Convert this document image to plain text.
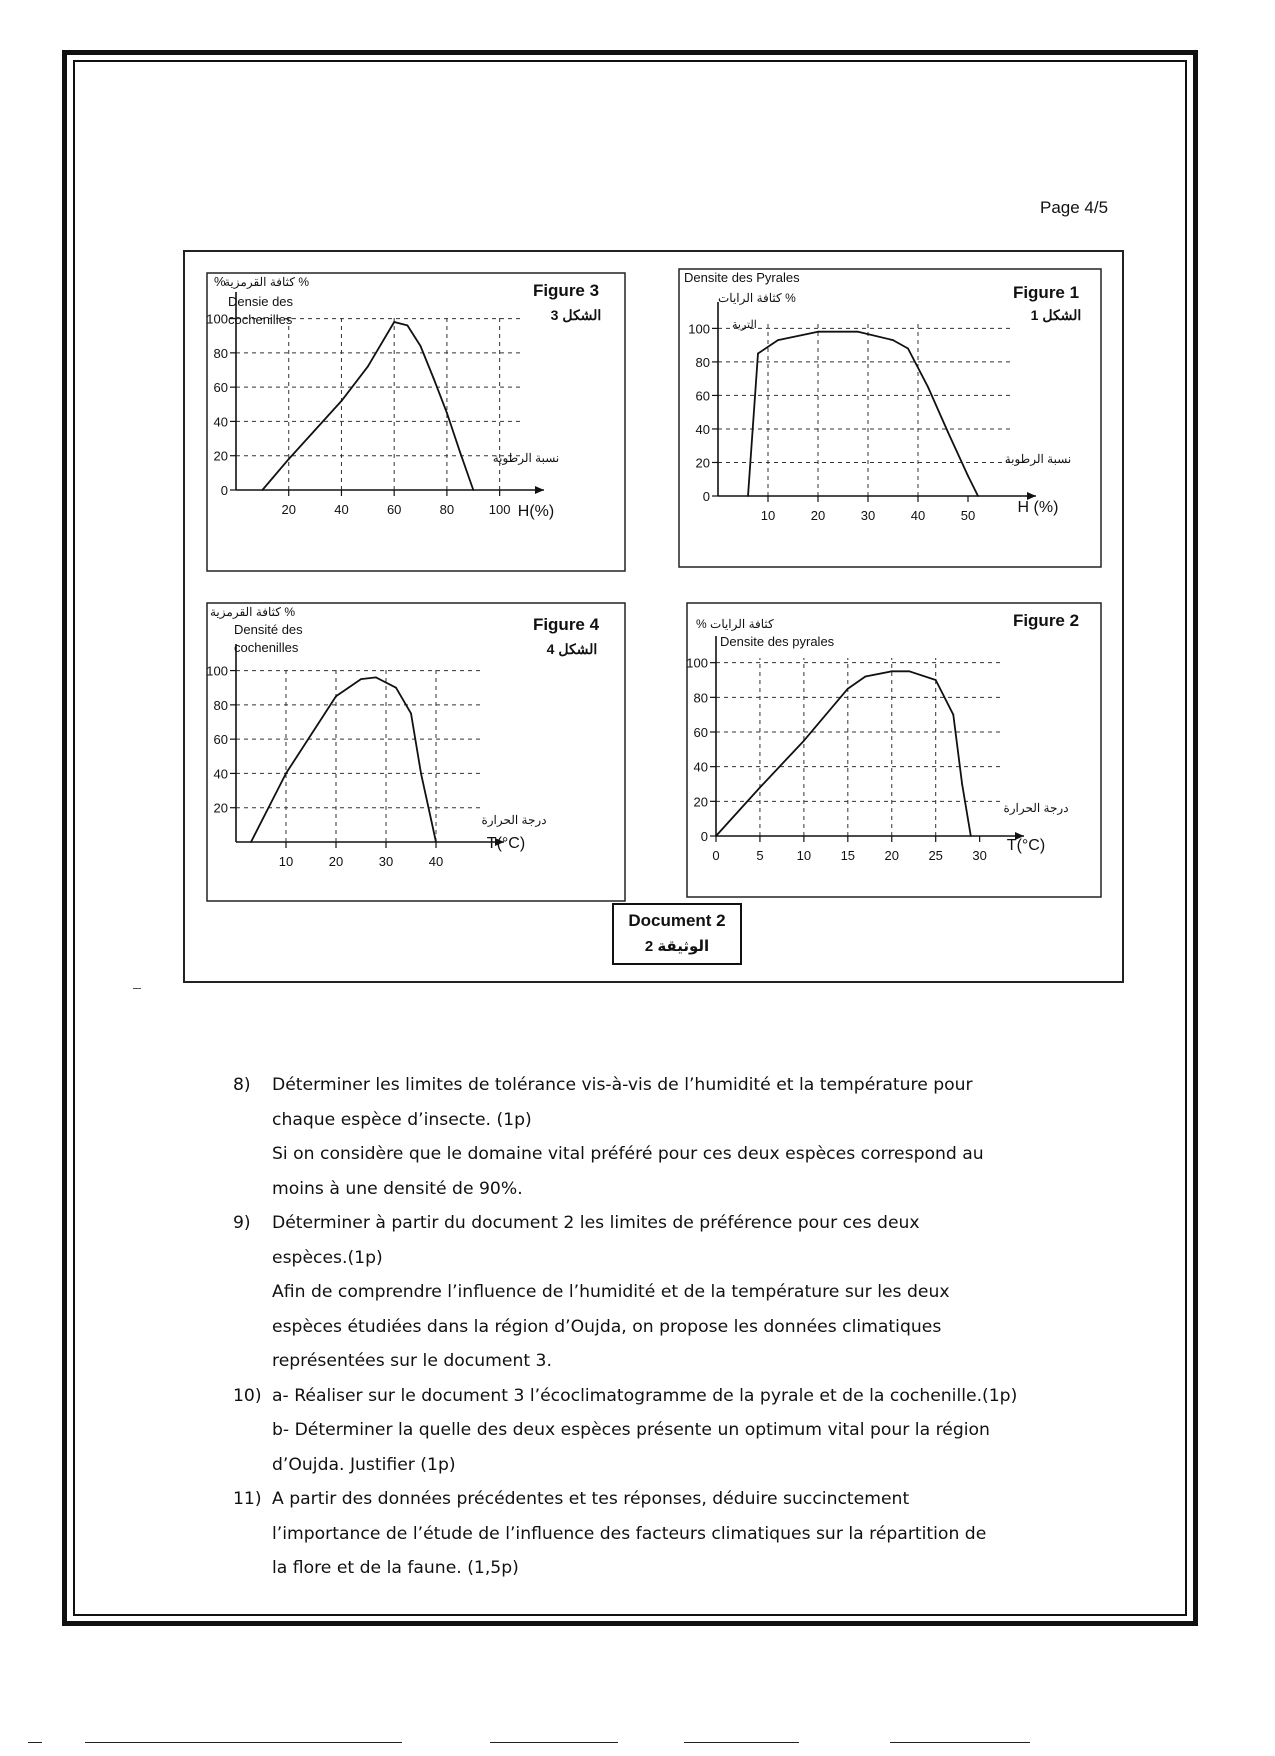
Page 4/5
20	40	60	80	100
0
20
40
60
80
100
Figure 3
الشكل 3
كثافة القرمزية %
Densie des
cochenilles
%
H(%)
نسبة الرطوبة
10	20	30	40	50
0
20
40
60
80
100
Figure 1
الشكل 1
كثافة الرايات %
Densite des Pyrales
الترية
H (%)
نسبة الرطوبة
10	20	30	40
20
40
60
80
100
Figure 4
الشكل 4
كثافة القرمزية %
Densité des
cochenilles
T(°C)
درجة الحرارة
0	5	10 15 20 25 30
0
20
40
60
80
100
Figure 2
% كثافة الرايات
Densite des pyrales
T(°C)
درجة الحرارة
Document 2
الوثيقة 2
8) Déterminer les limites de tolérance vis-à-vis de l’humidité et la température pour
chaque espèce d’insecte. (1p)
Si on considère que le domaine vital préféré pour ces deux espèces correspond au
moins à une densité de 90%.
9) Déterminer à partir du document 2 les limites de préférence pour ces deux
espèces.(1p)
Afin de comprendre l’influence de l’humidité et de la température sur les deux
espèces étudiées dans la région d’Oujda, on propose les données climatiques
représentées sur le document 3.
10) a- Réaliser sur le document 3 l’écoclimatogramme de la pyrale et de la cochenille.(1p)
b- Déterminer la quelle des deux espèces présente un optimum vital pour la région
d’Oujda. Justifier (1p)
11) A partir des données précédentes et tes réponses, déduire succinctement
l’importance de l’étude de l’influence des facteurs climatiques sur la répartition de
la flore et de la faune. (1,5p)
